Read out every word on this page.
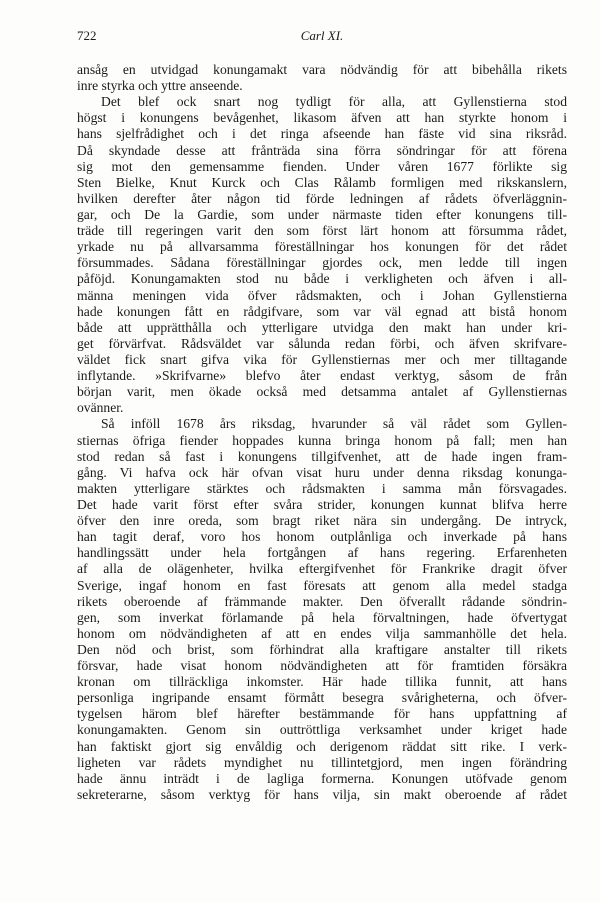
722	Carl XI.
ansåg en utvidgad konungamakt vara nödvändig för att bibehålla rikets
inre styrka och yttre anseende.
Det blef ock snart nog tydligt för alla, att Gyllenstierna stod
högst i konungens bevågenhet, likasom äfven att han styrkte honom i
hans sjelfrådighet och i det ringa afseende han fäste vid sina riksråd.
Då skyndade desse att frånträda sina förra söndringar för att förena
sig mot den gemensamme fienden. Under våren 1677 förlikte sig
Sten Bielke, Knut Kurck och Clas Rålamb formligen med rikskanslern,
hvilken derefter åter någon tid förde ledningen af rådets öfverläggnin-
gar, och De la Gardie, som under närmaste tiden efter konungens till-
träde till regeringen varit den som först lärt honom att försumma rådet,
yrkade nu på allvarsamma föreställningar hos konungen för det rådet
försummades. Sådana föreställningar gjordes ock, men ledde till ingen
påföjd. Konungamakten stod nu både i verkligheten och äfven i all-
männa meningen vida öfver rådsmakten, och i Johan Gyllenstierna
hade konungen fått en rådgifvare, som var väl egnad att bistå honom
både att upprätthålla och ytterligare utvidga den makt han under kri-
get förvärfvat. Rådsväldet var sålunda redan förbi, och äfven skrifvare-
väldet fick snart gifva vika för Gyllenstiernas mer och mer tilltagande
inflytande. »Skrifvarne» blefvo åter endast verktyg, såsom de från
början varit, men ökade också med detsamma antalet af Gyllenstiernas
ovänner.
Så inföll 1678 års riksdag, hvarunder så väl rådet som Gyllen-
stiernas öfriga fiender hoppades kunna bringa honom på fall; men han
stod redan så fast i konungens tillgifvenhet, att de hade ingen fram-
gång. Vi hafva ock här ofvan visat huru under denna riksdag konunga-
makten ytterligare stärktes och rådsmakten i samma mån försvagades.
Det hade varit först efter svåra strider, konungen kunnat blifva herre
öfver den inre oreda, som bragt riket nära sin undergång. De intryck,
han tagit deraf, voro hos honom outplånliga och inverkade på hans
handlingssätt under hela fortgången af hans regering. Erfarenheten
af alla de olägenheter, hvilka eftergifvenhet för Frankrike dragit öfver
Sverige, ingaf honom en fast föresats att genom alla medel stadga
rikets oberoende af främmande makter. Den öfverallt rådande söndrin-
gen, som inverkat förlamande på hela förvaltningen, hade öfvertygat
honom om nödvändigheten af att en endes vilja sammanhölle det hela.
Den nöd och brist, som förhindrat alla kraftigare anstalter till rikets
försvar, hade visat honom nödvändigheten att för framtiden försäkra
kronan om tillräckliga inkomster. Här hade tillika funnit, att hans
personliga ingripande ensamt förmått besegra svårigheterna, och öfver-
tygelsen härom blef härefter bestämmande för hans uppfattning af
konungamakten. Genom sin outtröttliga verksamhet under kriget hade
han faktiskt gjort sig envåldig och derigenom räddat sitt rike. I verk-
ligheten var rådets myndighet nu tillintetgjord, men ingen förändring
hade ännu inträdt i de lagliga formerna. Konungen utöfvade genom
sekreterarne, såsom verktyg för hans vilja, sin makt oberoende af rådet
